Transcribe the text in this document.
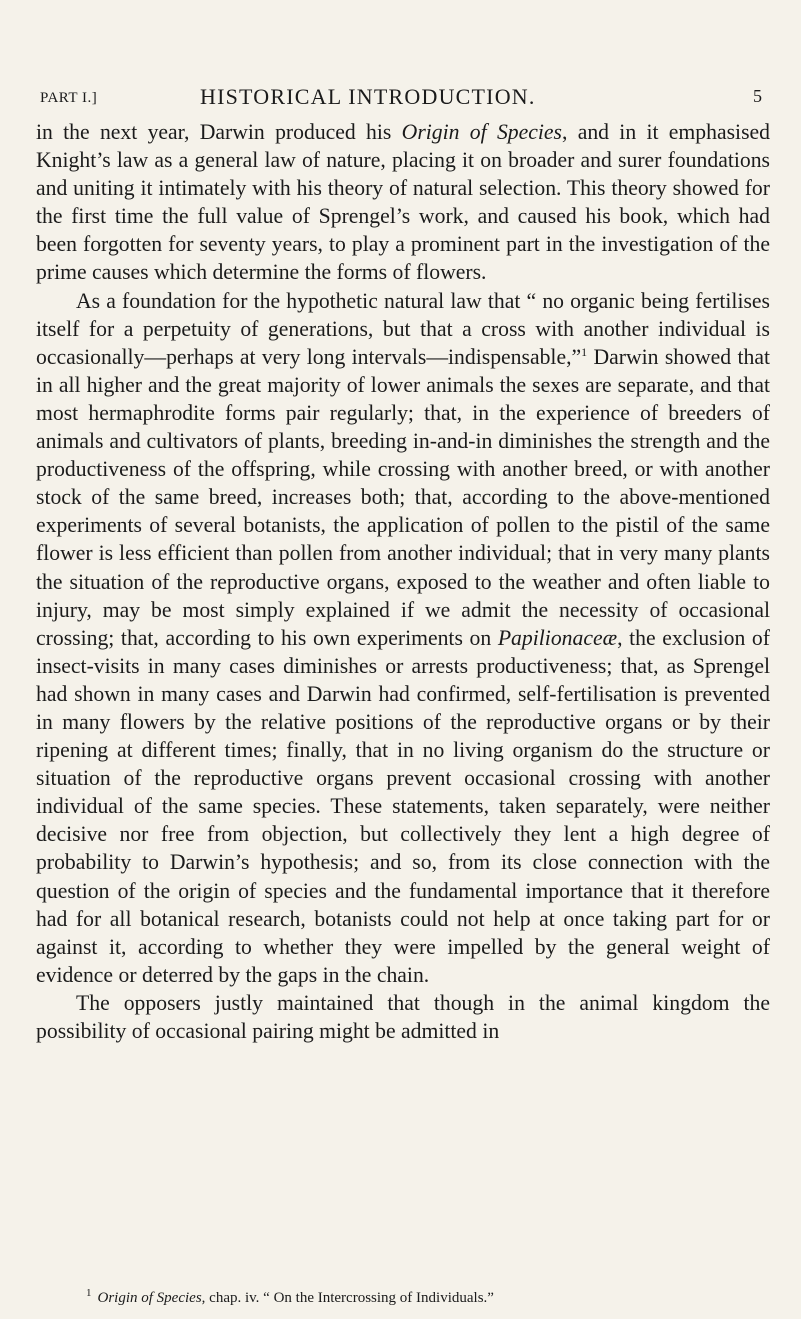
PART I.]	HISTORICAL INTRODUCTION.	5

in the next year, Darwin produced his Origin of Species, and in it emphasised Knight’s law as a general law of nature, placing it on broader and surer foundations and uniting it intimately with his theory of natural selection. This theory showed for the first time the full value of Sprengel’s work, and caused his book, which had been forgotten for seventy years, to play a prominent part in the investigation of the prime causes which determine the forms of flowers.

As a foundation for the hypothetic natural law that “ no organic being fertilises itself for a perpetuity of generations, but that a cross with another individual is occasionally—perhaps at very long intervals—indispensable,”$^1$ Darwin showed that in all higher and the great majority of lower animals the sexes are separate, and that most hermaphrodite forms pair regularly; that, in the experience of breeders of animals and cultivators of plants, breeding in-and-in diminishes the strength and the productiveness of the offspring, while crossing with another breed, or with another stock of the same breed, increases both; that, according to the above-mentioned experiments of several botanists, the application of pollen to the pistil of the same flower is less efficient than pollen from another individual; that in very many plants the situation of the reproductive organs, exposed to the weather and often liable to injury, may be most simply explained if we admit the necessity of occasional crossing; that, according to his own experiments on Papilionaceæ, the exclusion of insect-visits in many cases diminishes or arrests productiveness; that, as Sprengel had shown in many cases and Darwin had confirmed, self-fertilisation is prevented in many flowers by the relative positions of the reproductive organs or by their ripening at different times; finally, that in no living organism do the structure or situation of the reproductive organs prevent occasional crossing with another individual of the same species. These statements, taken separately, were neither decisive nor free from objection, but collectively they lent a high degree of probability to Darwin’s hypothesis; and so, from its close connection with the question of the origin of species and the fundamental importance that it therefore had for all botanical research, botanists could not help at once taking part for or against it, according to whether they were impelled by the general weight of evidence or deterred by the gaps in the chain.

The opposers justly maintained that though in the animal kingdom the possibility of occasional pairing might be admitted in

$^1$ Origin of Species, chap. iv. “ On the Intercrossing of Individuals.”
